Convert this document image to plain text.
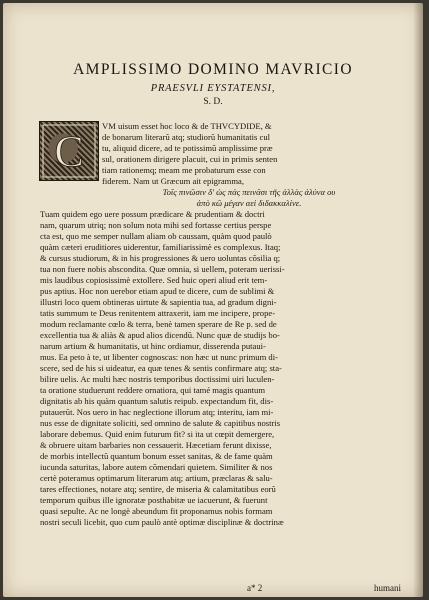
AMPLISSIMO DOMINO MAVRICIO
PRAESVLI EYSTATENSI,
S. D.
C
VM uisum esset hoc loco & de THVCYDIDE, &
de bonarum literarũ atq; studiorũ humanitatis cul
tu, aliquid dicere, ad te potissimũ amplissime præ
sul, orationem dirigere placuit, cui in primis senten
tiam rationemq; meam me probaturum esse con
fiderem. Nam ut Græcum ait epigramma,
Τοῖς πινῶσιν δ' ὡς πάς πεινᾶσι τῆς ἀλλὰς ἁλύνα ου
ἀπὸ κῶ μέγαν αεὶ διδακκαλίνε.
Tuam quidem ego uere possum prædicare & prudentiam & doctri
nam, quarum utriq; non solum nota mihi sed fortasse certius perspe
cta est, quo me semper nullam aliam ob caussam, quàm quod paulò
quàm cæteri eruditiores uiderentur, familiarissimè es complexus. Itaq;
& cursus studiorum, & in his progressiones & uero uoluntas cõsilia q;
tua non fuere nobis abscondita. Quæ omnia, si uellem, poteram uerissi-
mis laudibus copiosissimè extollere. Sed huic operi aliud erit tem-
pus aptius. Hoc non uerebor etiam apud te dicere, cum de sublimi &
illustri loco quem obtineras uirtute & sapientia tua, ad gradum digni-
tatis summum te Deus renitentem attraxerit, iam me incipere, prope-
modum reclamante cœlo & terra, benè tamen sperare de Re p. sed de
excellentia tua & aliàs & apud alios dicendũ. Nunc quæ de studijs bo-
narum artium & humanitatis, ut hinc ordiamur, disserenda putaui-
mus. Ea peto à te, ut libenter cognoscas: non hæc ut nunc primum di-
scere, sed de his si uideatur, ea quæ tenes & sentis confirmare atq; sta-
bilire uelis. Ac multi hæc nostris temporibus doctissimi uiri luculen-
ta oratione studuerunt reddere ornatiora, qui tamé magis quantum
dignitatis ab his quàm quantum salutis reipub. expectandum fit, dis-
putauerũt. Nos uero in hac neglectione illorum atq; interitu, iam mi-
nus esse de dignitate soliciti, sed omnino de salute & capitibus nostris
laborare debemus. Quid enim futurum fit? si ita ut cœpit demergere,
& obruere uitam barbaries non cessauerit. Hæcetiam ferunt dixisse,
de morbis intellectũ quantum bonum esset sanitas, & de fame quàm
iucunda saturitas, labore autem cõmendari quietem. Similiter & nos
certè poteramus optimarum literarum atq; artium, præclaras & salu-
tares effectiones, notare atq; sentire, de miseria & calamitatibus eorũ
temporum quibus ille ignoratæ posthabitæ ue iacuerunt, & fuerunt
quasi sepulte. Ac ne longè abeundum fit proponamus nobis formam
nostri seculi licebit, quo cum paulò antè optimæ disciplinæ & doctrinæ
a* 2	humani
